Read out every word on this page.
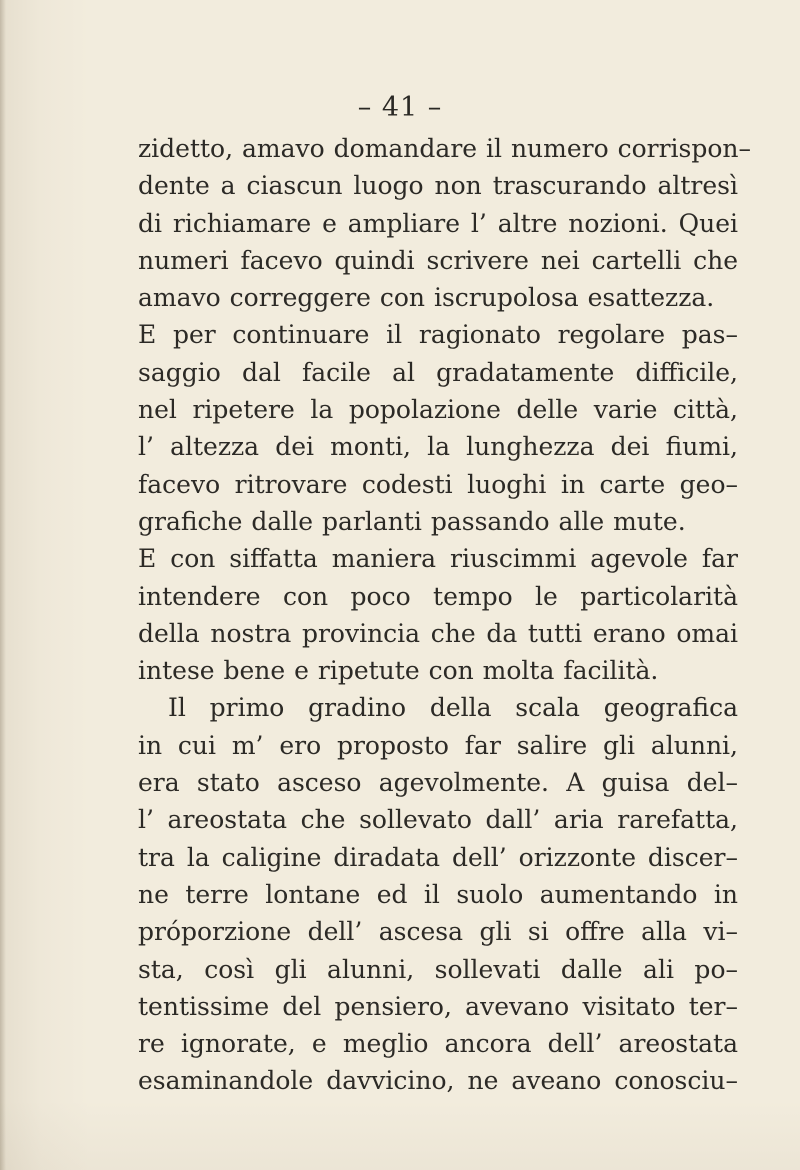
– 41 –
zidetto, amavo domandare il numero corrispon–
dente a ciascun luogo non trascurando altresì
di richiamare e ampliare l’ altre nozioni. Quei
numeri facevo quindi scrivere nei cartelli che
amavo correggere con iscrupolosa esattezza.
E per continuare il ragionato regolare pas–
saggio dal facile al gradatamente difficile,
nel ripetere la popolazione delle varie città,
l’ altezza dei monti, la lunghezza dei fiumi,
facevo ritrovare codesti luoghi in carte geo–
grafiche dalle parlanti passando alle mute.
E con siffatta maniera riuscimmi agevole far
intendere con poco tempo le particolarità
della nostra provincia che da tutti erano omai
intese bene e ripetute con molta facilità.
Il primo gradino della scala geografica
in cui m’ ero proposto far salire gli alunni,
era stato asceso agevolmente. A guisa del–
l’ areostata che sollevato dall’ aria rarefatta,
tra la caligine diradata dell’ orizzonte discer–
ne terre lontane ed il suolo aumentando in
próporzione dell’ ascesa gli si offre alla vi–
sta, così gli alunni, sollevati dalle ali po–
tentissime del pensiero, avevano visitato ter–
re ignorate, e meglio ancora dell’ areostata
esaminandole davvicino, ne aveano conosciu–
